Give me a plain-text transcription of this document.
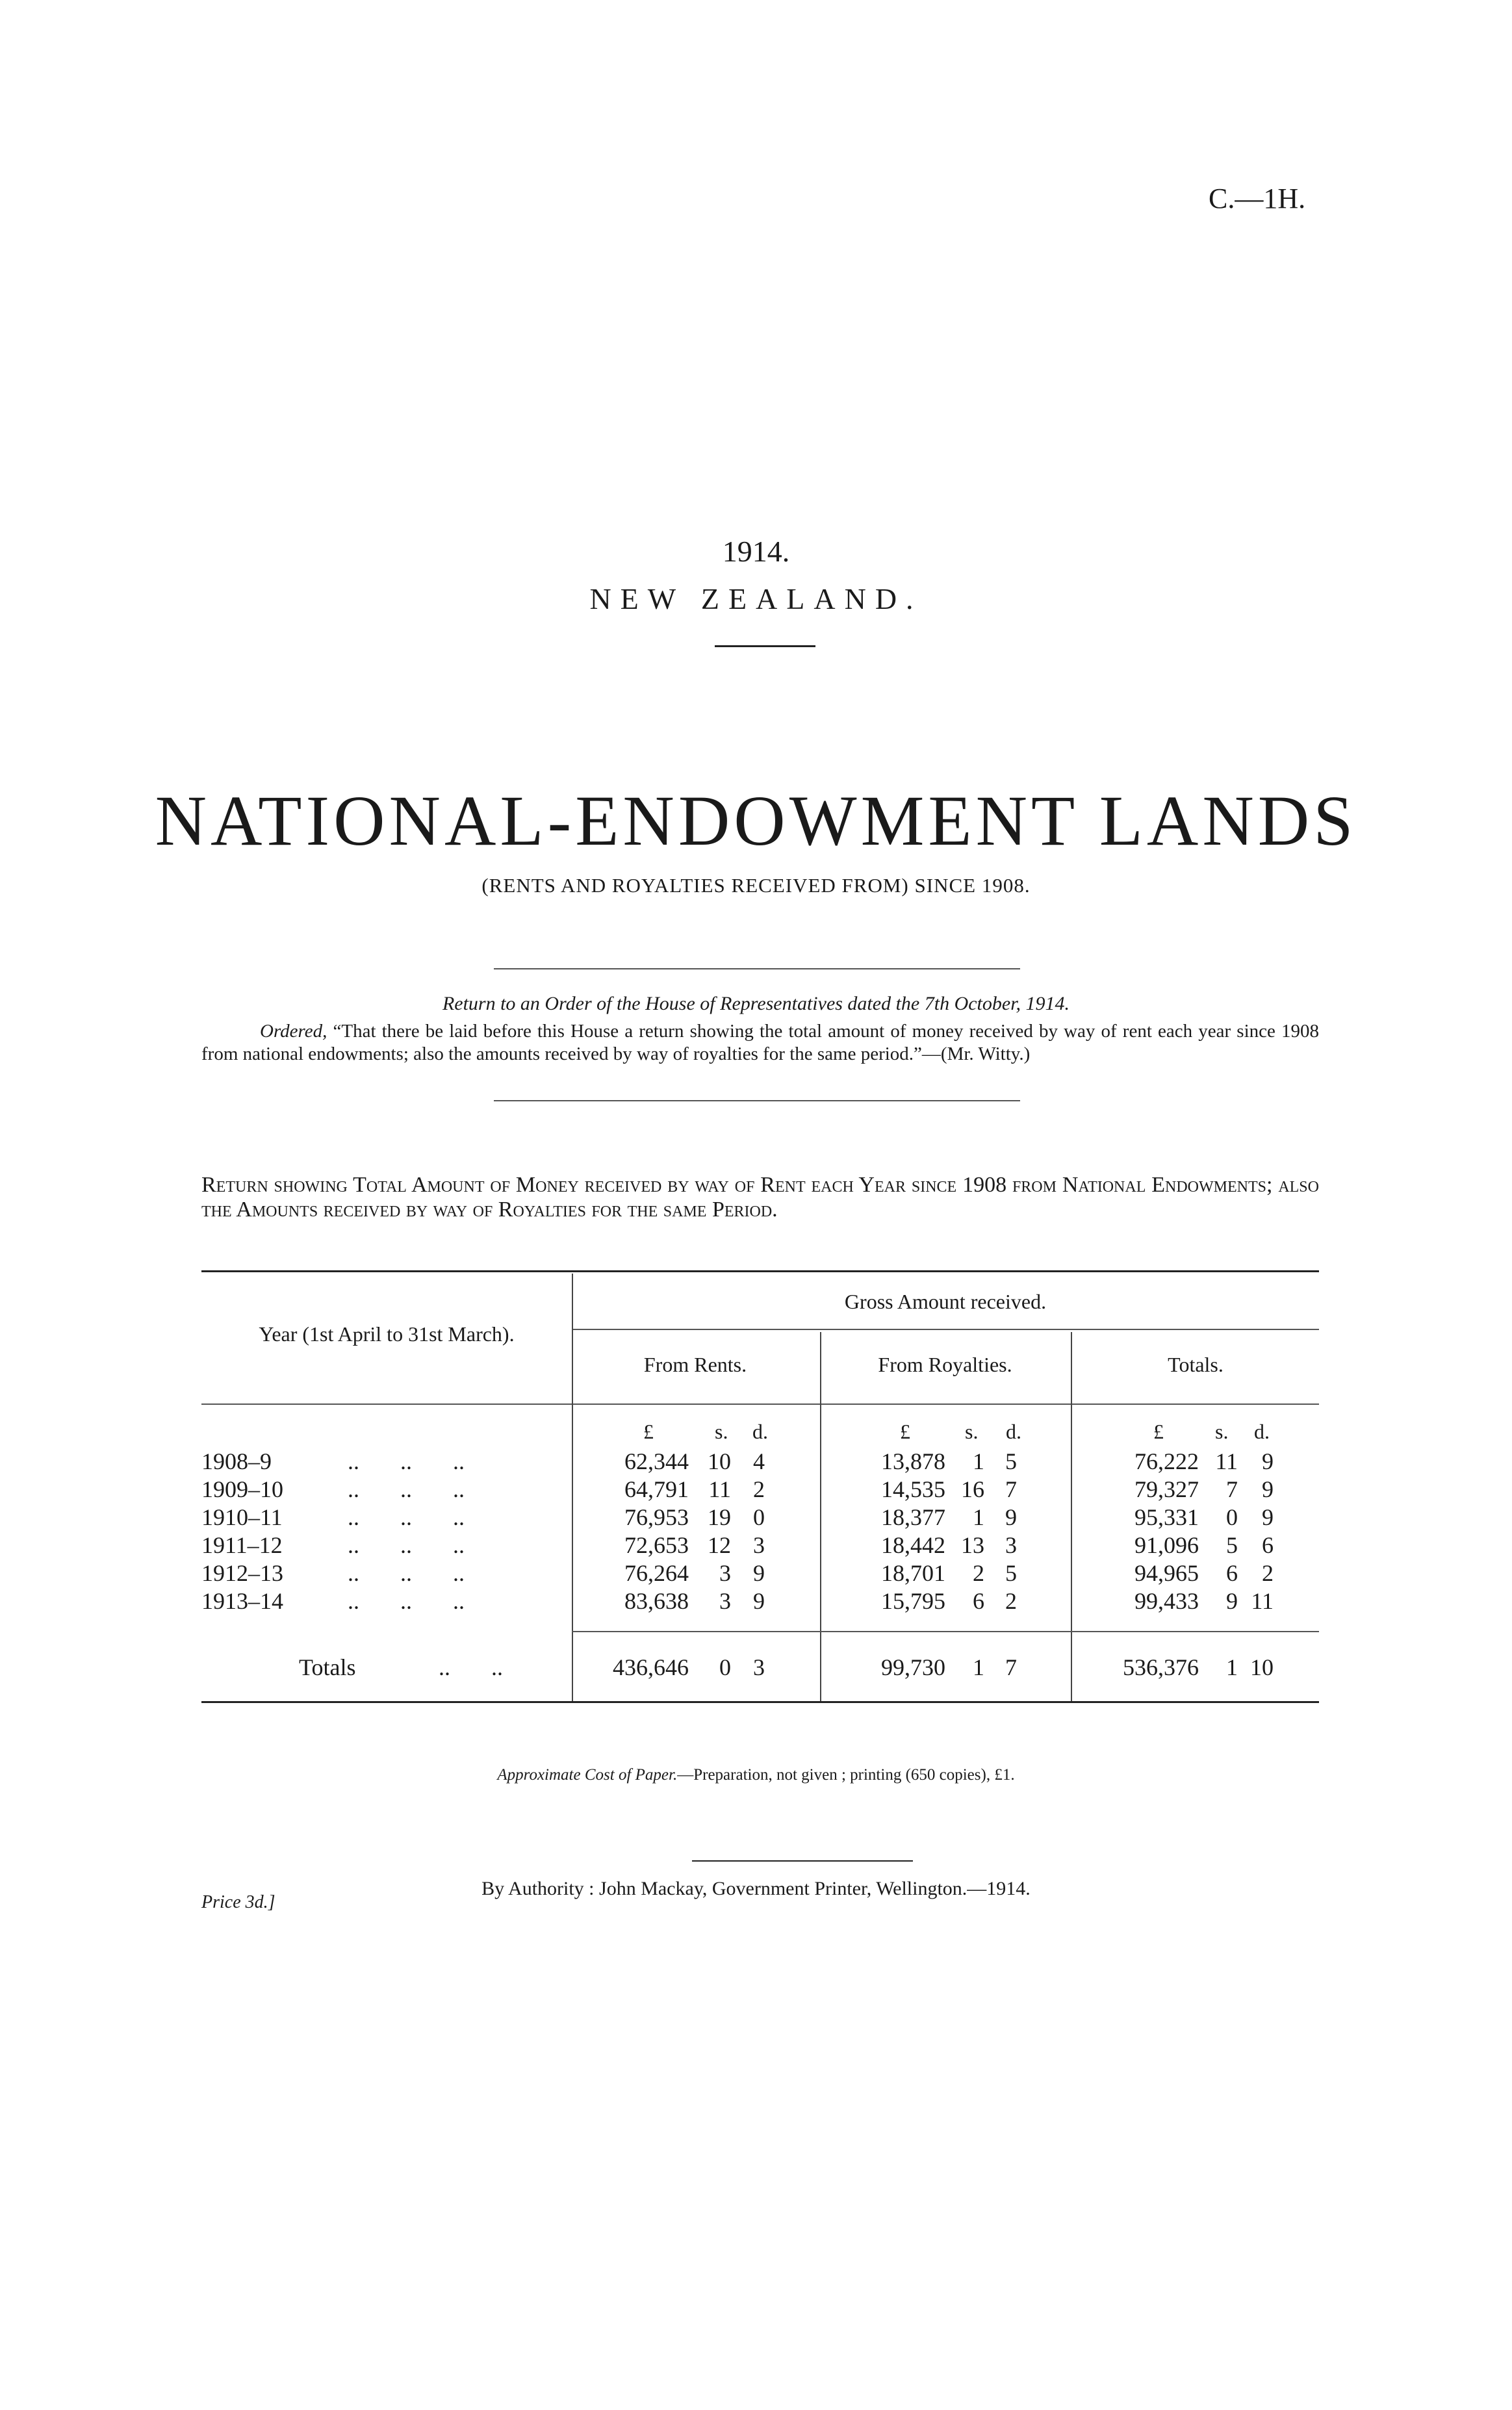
C.—1H.
1914.
NEW ZEALAND.
NATIONAL-ENDOWMENT LANDS
(RENTS AND ROYALTIES RECEIVED FROM) SINCE 1908.
Return to an Order of the House of Representatives dated the 7th October, 1914.
Ordered, “That there be laid before this House a return showing the total amount of money received by way of rent each year since 1908 from national endowments; also the amounts received by way of royalties for the same period.”—(Mr. Witty.)
Return showing Total Amount of Money received by way of Rent each Year since 1908 from National Endowments; also the Amounts received by way of Royalties for the same Period.
Year (1st April to 31st March).
Gross Amount received.
From Rents.	From Royalties.	Totals.
£	s. d.	£	s. d.	£ s. d.
1908–9	..       ..       ..	62,344 10 4	13,878	1 5	76,222 11	9
1909–10	..       ..       ..	64,791 11 2	14,535 16 7	79,327	7	9
1910–11	..       ..       ..	76,953 19 0	18,377	1 9	95,331	0	9
1911–12	..       ..       ..	72,653 12 3	18,442 13 3	91,096	5	6
1912–13	..       ..       ..	76,264	3 9	18,701	2 5	94,965	6	2
1913–14	..       ..       ..	83,638	3 9	15,795	6 2	99,433	9 11
Totals	..       ..	436,646	0 3	99,730	1 7	536,376	1 10
Approximate Cost of Paper.—Preparation, not given ; printing (650 copies), £1.
By Authority : John Mackay, Government Printer, Wellington.—1914.
Price 3d.]
